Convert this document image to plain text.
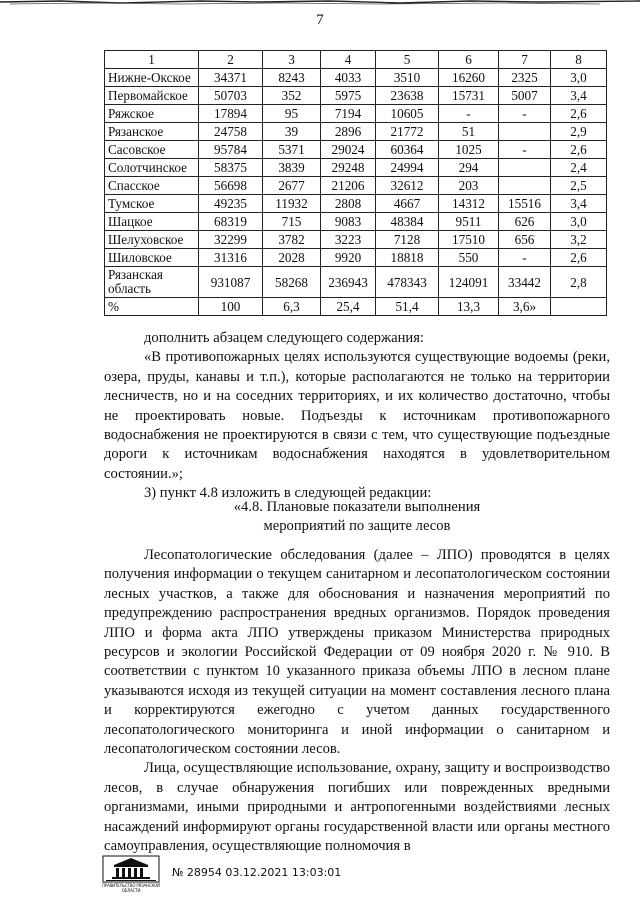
7
1	2	3	4	5	6	7	8
Нижне-Окское	34371	8243	4033	3510	16260	2325	3,0
Первомайское	50703	352	5975	23638	15731	5007	3,4
Ряжское	17894	95	7194	10605	-	-	2,6
Рязанское	24758	39	2896	21772	51		2,9
Сасовское	95784	5371	29024	60364	1025	-	2,6
Солотчинское	58375	3839	29248	24994	294		2,4
Спасское	56698	2677	21206	32612	203		2,5
Тумское	49235	11932	2808	4667	14312	15516	3,4
Шацкое	68319	715	9083	48384	9511	626	3,0
Шелуховское	32299	3782	3223	7128	17510	656	3,2
Шиловское	31316	2028	9920	18818	550	-	2,6
Рязанская область	931087	58268	236943	478343	124091	33442	2,8
%	100	6,3	25,4	51,4	13,3	3,6»	

дополнить абзацем следующего содержания:

«В противопожарных целях используются существующие водоемы (реки, озера, пруды, канавы и т.п.), которые располагаются не только на территории лесничеств, но и на соседних территориях, и их количество достаточно, чтобы не проектировать новые. Подъезды к источникам противопожарного водоснабжения не проектируются в связи с тем, что существующие подъездные дороги к источникам водоснабжения находятся в удовлетворительном состоянии.»;

3) пункт 4.8 изложить в следующей редакции:

«4.8. Плановые показатели выполнения

мероприятий по защите лесов

Лесопатологические обследования (далее – ЛПО) проводятся в целях получения информации о текущем санитарном и лесопатологическом состоянии лесных участков, а также для обоснования и назначения мероприятий по предупреждению распространения вредных организмов. Порядок проведения ЛПО и форма акта ЛПО утверждены приказом Министерства природных ресурсов и экологии Российской Федерации от 09 ноября 2020 г. № 910. В соответствии с пунктом 10 указанного приказа объемы ЛПО в лесном плане указываются исходя из текущей ситуации на момент составления лесного плана и корректируются ежегодно с учетом данных государственного лесопатологического мониторинга и иной информации о санитарном и лесопатологическом состоянии лесов.

Лица, осуществляющие использование, охрану, защиту и воспроизводство лесов, в случае обнаружения погибших или поврежденных вредными организмами, иными природными и антропогенными воздействиями лесных насаждений информируют органы государственной власти или органы местного самоуправления, осуществляющие полномочия в

ПРАВИТЕЛЬСТВО РЯЗАНСКОЙ ОБЛАСТИ
№ 28954 03.12.2021 13:03:01
